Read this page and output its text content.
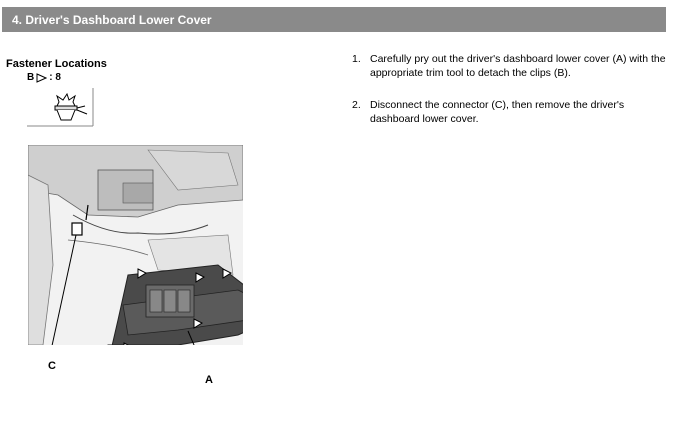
4. Driver's Dashboard Lower Cover
Fastener Locations
B : 8
C
A
1. Carefully pry out the driver's dashboard lower cover (A) with the appropriate trim tool to detach the clips (B).
2. Disconnect the connector (C), then remove the driver's dashboard lower cover.
